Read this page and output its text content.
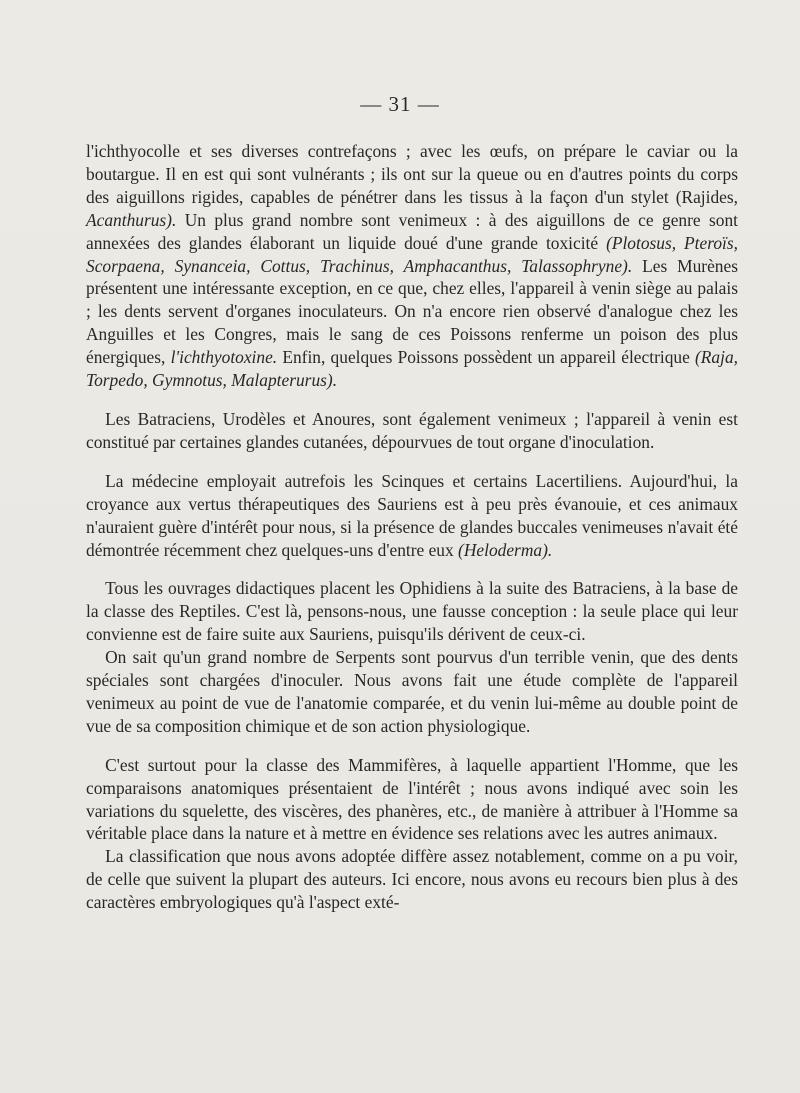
— 31 —

l'ichthyocolle et ses diverses contrefaçons ; avec les œufs, on prépare le caviar ou la boutargue. Il en est qui sont vulnérants ; ils ont sur la queue ou en d'autres points du corps des aiguillons rigides, capables de pénétrer dans les tissus à la façon d'un stylet (Rajides, Acanthurus). Un plus grand nombre sont venimeux : à des aiguillons de ce genre sont annexées des glandes élaborant un liquide doué d'une grande toxicité (Plotosus, Pteroïs, Scorpaena, Synanceia, Cottus, Trachinus, Amphacanthus, Talassophryne). Les Murènes présentent une intéressante exception, en ce que, chez elles, l'appareil à venin siège au palais ; les dents servent d'organes inoculateurs. On n'a encore rien observé d'analogue chez les Anguilles et les Congres, mais le sang de ces Poissons renferme un poison des plus énergiques, l'ichthyotoxine. Enfin, quelques Poissons possèdent un appareil électrique (Raja, Torpedo, Gymnotus, Malapterurus).

Les Batraciens, Urodèles et Anoures, sont également venimeux ; l'appareil à venin est constitué par certaines glandes cutanées, dépourvues de tout organe d'inoculation.

La médecine employait autrefois les Scinques et certains Lacertiliens. Aujourd'hui, la croyance aux vertus thérapeutiques des Sauriens est à peu près évanouie, et ces animaux n'auraient guère d'intérêt pour nous, si la présence de glandes buccales venimeuses n'avait été démontrée récemment chez quelques-uns d'entre eux (Heloderma).

Tous les ouvrages didactiques placent les Ophidiens à la suite des Batraciens, à la base de la classe des Reptiles. C'est là, pensons-nous, une fausse conception : la seule place qui leur convienne est de faire suite aux Sauriens, puisqu'ils dérivent de ceux-ci.

On sait qu'un grand nombre de Serpents sont pourvus d'un terrible venin, que des dents spéciales sont chargées d'inoculer. Nous avons fait une étude complète de l'appareil venimeux au point de vue de l'anatomie comparée, et du venin lui-même au double point de vue de sa composition chimique et de son action physiologique.

C'est surtout pour la classe des Mammifères, à laquelle appartient l'Homme, que les comparaisons anatomiques présentaient de l'intérêt ; nous avons indiqué avec soin les variations du squelette, des viscères, des phanères, etc., de manière à attribuer à l'Homme sa véritable place dans la nature et à mettre en évidence ses relations avec les autres animaux.

La classification que nous avons adoptée diffère assez notablement, comme on a pu voir, de celle que suivent la plupart des auteurs. Ici encore, nous avons eu recours bien plus à des caractères embryologiques qu'à l'aspect exté-
